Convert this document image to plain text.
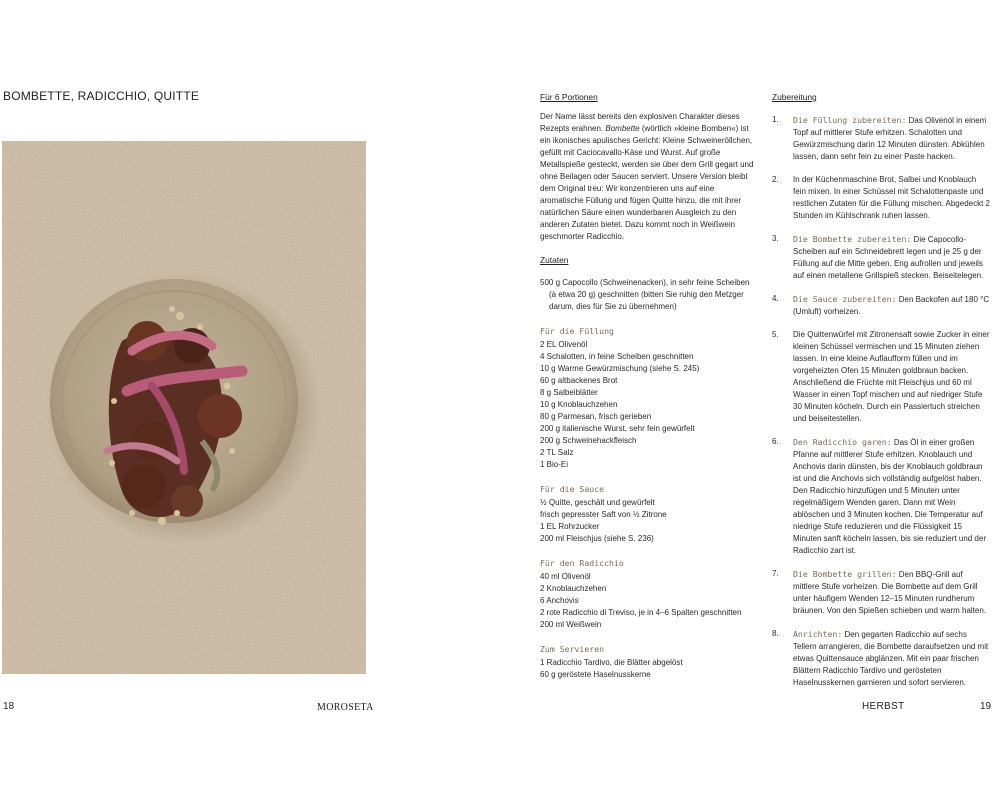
BOMBETTE, RADICCHIO, QUITTE
18	MOROSETA
Für 6 Portionen

Der Name lässt bereits den explosiven Charakter dieses Rezepts erahnen. Bombette (wörtlich »kleine Bomben«) ist ein ikonisches apulisches Gericht: Kleine Schweineröllchen, gefüllt mit Caciocavallo-Käse und Wurst. Auf große Metallspieße gesteckt, werden sie über dem Grill gegart und ohne Beilagen oder Saucen serviert. Unsere Version bleibt dem Original treu: Wir konzentrieren uns auf eine aromatische Füllung und fügen Quitte hinzu, die mit ihrer natürlichen Säure einen wunderbaren Ausgleich zu den anderen Zutaten bietet. Dazu kommt noch in Weißwein geschmorter Radicchio.

Zutaten

500 g Capocollo (Schweinenacken), in sehr feine Scheiben (à etwa 20 g) geschnitten (bitten Sie ruhig den Metzger darum, dies für Sie zu übernehmen)

Für die Füllung
2 EL Olivenöl
4 Schalotten, in feine Scheiben geschnitten
10 g Warme Gewürzmischung (siehe S. 245)
60 g altbackenes Brot
8 g Salbeiblätter
10 g Knoblauchzehen
80 g Parmesan, frisch gerieben
200 g italienische Wurst, sehr fein gewürfelt
200 g Schweinehackfleisch
2 TL Salz
1 Bio-Ei
Für die Sauce
½ Quitte, geschält und gewürfelt
frisch gepresster Saft von ½ Zitrone
1 EL Rohrzucker
200 ml Fleischjus (siehe S. 236)
Für den Radicchio
40 ml Olivenöl
2 Knoblauchzehen
6 Anchovis
2 rote Radicchio di Treviso, je in 4–6 Spalten geschnitten
200 ml Weißwein
Zum Servieren
1 Radicchio Tardivo, die Blätter abgelöst
60 g geröstete Haselnusskerne
Zubereitung
1. Die Füllung zubereiten: Das Olivenöl in einem Topf auf mittlerer Stufe erhitzen. Schalotten und Gewürzmischung darin 12 Minuten dünsten. Abkühlen lassen, dann sehr fein zu einer Paste hacken.
2. In der Küchenmaschine Brot, Salbei und Knoblauch fein mixen. In einer Schüssel mit Schalottenpaste und restlichen Zutaten für die Füllung mischen. Abgedeckt 2 Stunden im Kühlschrank ruhen lassen.
3. Die Bombette zubereiten: Die Capocollo-Scheiben auf ein Schneidebrett legen und je 25 g der Füllung auf die Mitte geben. Eng aufrollen und jeweils auf einen metallene Grillspieß stecken. Beiseitelegen.
4. Die Sauce zubereiten: Den Backofen auf 180 °C (Umluft) vorheizen.
5. Die Quittenwürfel mit Zitronensaft sowie Zucker in einer kleinen Schüssel vermischen und 15 Minuten ziehen lassen. In eine kleine Auflaufform füllen und im vorgeheizten Ofen 15 Minuten goldbraun backen. Anschließend die Früchte mit Fleischjus und 60 ml Wasser in einen Topf mischen und auf niedriger Stufe 30 Minuten köcheln. Durch ein Passiertuch streichen und beiseitestellen.
6. Den Radicchio garen: Das Öl in einer großen Pfanne auf mittlerer Stufe erhitzen. Knoblauch und Anchovis darin dünsten, bis der Knoblauch goldbraun ist und die Anchovis sich vollständig aufgelöst haben. Den Radicchio hinzufügen und 5 Minuten unter regelmäßigem Wenden garen. Dann mit Wein ablöschen und 3 Minuten kochen. Die Temperatur auf niedrige Stufe reduzieren und die Flüssigkeit 15 Minuten sanft köcheln lassen, bis sie reduziert und der Radicchio zart ist.
7. Die Bombette grillen: Den BBQ-Grill auf mittlere Stufe vorheizen. Die Bombette auf dem Grill unter häufigem Wenden 12–15 Minuten rundherum bräunen. Von den Spießen schieben und warm halten.
8. Anrichten: Den gegarten Radicchio auf sechs Tellern arrangieren, die Bombette daraufsetzen und mit etwas Quittensauce abglänzen. Mit ein paar frischen Blättern Radicchio Tardivo und gerösteten Haselnusskernen garnieren und sofort servieren.
HERBST	19
